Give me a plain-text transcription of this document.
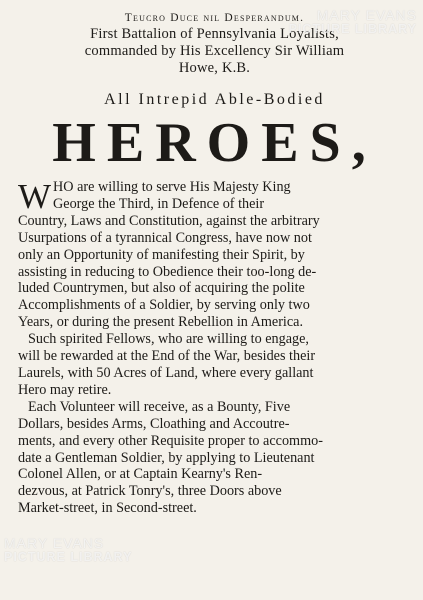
Teucro Duce nil Desperandum.

First Battalion of Pennsylvania Loyalists,

commanded by His Excellency Sir William

Howe, K.B.

All Intrepid Able-Bodied

HEROES,

W HO are willing to serve His Majesty King
George the Third, in Defence of their
Country, Laws and Constitution, against the arbitrary
Usurpations of a tyrannical Congress, have now not
only an Opportunity of manifesting their Spirit, by
assisting in reducing to Obedience their too-long de-
luded Countrymen, but also of acquiring the polite
Accomplishments of a Soldier, by serving only two
Years, or during the present Rebellion in America.
Such spirited Fellows, who are willing to engage,
will be rewarded at the End of the War, besides their
Laurels, with 50 Acres of Land, where every gallant
Hero may retire.
Each Volunteer will receive, as a Bounty, Five
Dollars, besides Arms, Cloathing and Accoutre-
ments, and every other Requisite proper to accommo-
date a Gentleman Soldier, by applying to Lieutenant
Colonel Allen, or at Captain Kearny's Ren-
dezvous, at Patrick Tonry's, three Doors above
Market-street, in Second-street.
MARY EVANS
PICTURE LIBRARY
MARY EVANS
PICTURE LIBRARY
